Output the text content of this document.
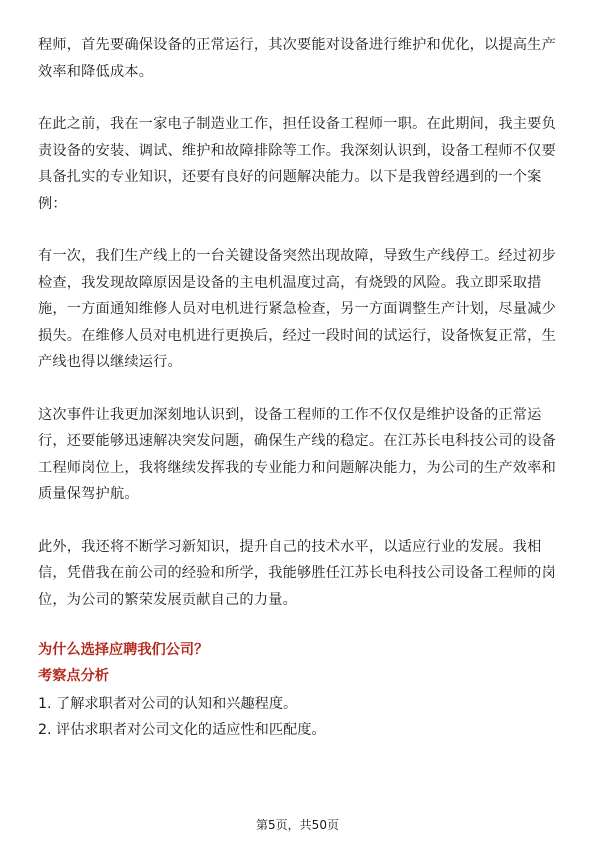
程师，首先要确保设备的正常运行，其次要能对设备进行维护和优化，以提高生产效率和降低成本。

在此之前，我在一家电子制造业工作，担任设备工程师一职。在此期间，我主要负责设备的安装、调试、维护和故障排除等工作。我深刻认识到，设备工程师不仅要具备扎实的专业知识，还要有良好的问题解决能力。以下是我曾经遇到的一个案例：

有一次，我们生产线上的一台关键设备突然出现故障，导致生产线停工。经过初步检查，我发现故障原因是设备的主电机温度过高，有烧毁的风险。我立即采取措施，一方面通知维修人员对电机进行紧急检查，另一方面调整生产计划，尽量减少损失。在维修人员对电机进行更换后，经过一段时间的试运行，设备恢复正常，生产线也得以继续运行。

这次事件让我更加深刻地认识到，设备工程师的工作不仅仅是维护设备的正常运行，还要能够迅速解决突发问题，确保生产线的稳定。在江苏长电科技公司的设备工程师岗位上，我将继续发挥我的专业能力和问题解决能力，为公司的生产效率和质量保驾护航。

此外，我还将不断学习新知识，提升自己的技术水平，以适应行业的发展。我相信，凭借我在前公司的经验和所学，我能够胜任江苏长电科技公司设备工程师的岗位，为公司的繁荣发展贡献自己的力量。

为什么选择应聘我们公司？
考察点分析

1. 了解求职者对公司的认知和兴趣程度。

2. 评估求职者对公司文化的适应性和匹配度。

第5页，共50页
